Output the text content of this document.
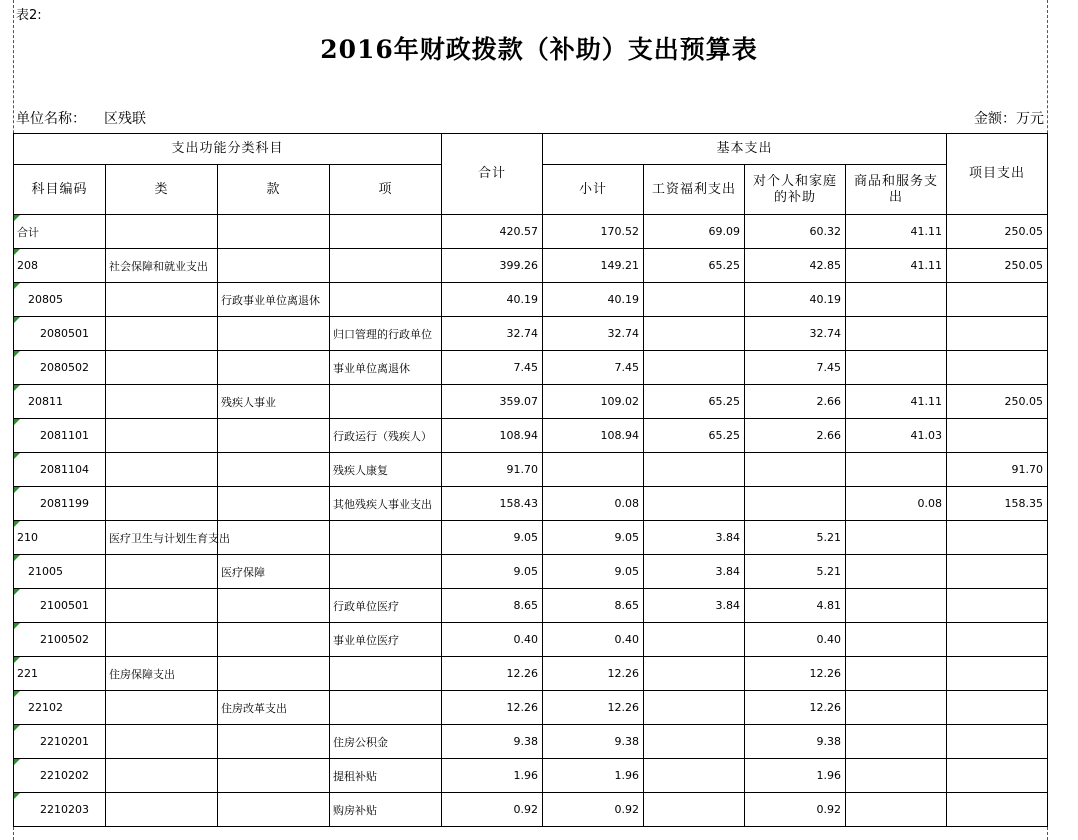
表2:
2016年财政拨款（补助）支出预算表
单位名称： 区残联	金额：万元
支出功能分类科目				合计	基本支出				项目支出
科目编码	类	款	项		小计	工资福利支出	对个人和家庭的补助	商品和服务支出	
合计				420.57	170.52	69.09	60.32	41.11	250.05
208	社会保障和就业支出			399.26	149.21	65.25	42.85	41.11	250.05
20805		行政事业单位离退休		40.19	40.19		40.19		
2080501			归口管理的行政单位	32.74	32.74		32.74		
2080502			事业单位离退休	7.45	7.45		7.45		
20811		残疾人事业		359.07	109.02	65.25	2.66	41.11	250.05
2081101			行政运行（残疾人）	108.94	108.94	65.25	2.66	41.03	
2081104			残疾人康复	91.70					91.70
2081199			其他残疾人事业支出	158.43	0.08			0.08	158.35
210	医疗卫生与计划生育支出			9.05	9.05	3.84	5.21		
21005		医疗保障		9.05	9.05	3.84	5.21		
2100501			行政单位医疗	8.65	8.65	3.84	4.81		
2100502			事业单位医疗	0.40	0.40		0.40		
221	住房保障支出			12.26	12.26		12.26		
22102		住房改革支出		12.26	12.26		12.26		
2210201			住房公积金	9.38	9.38		9.38		
2210202			提租补贴	1.96	1.96		1.96		
2210203			购房补贴	0.92	0.92		0.92		
